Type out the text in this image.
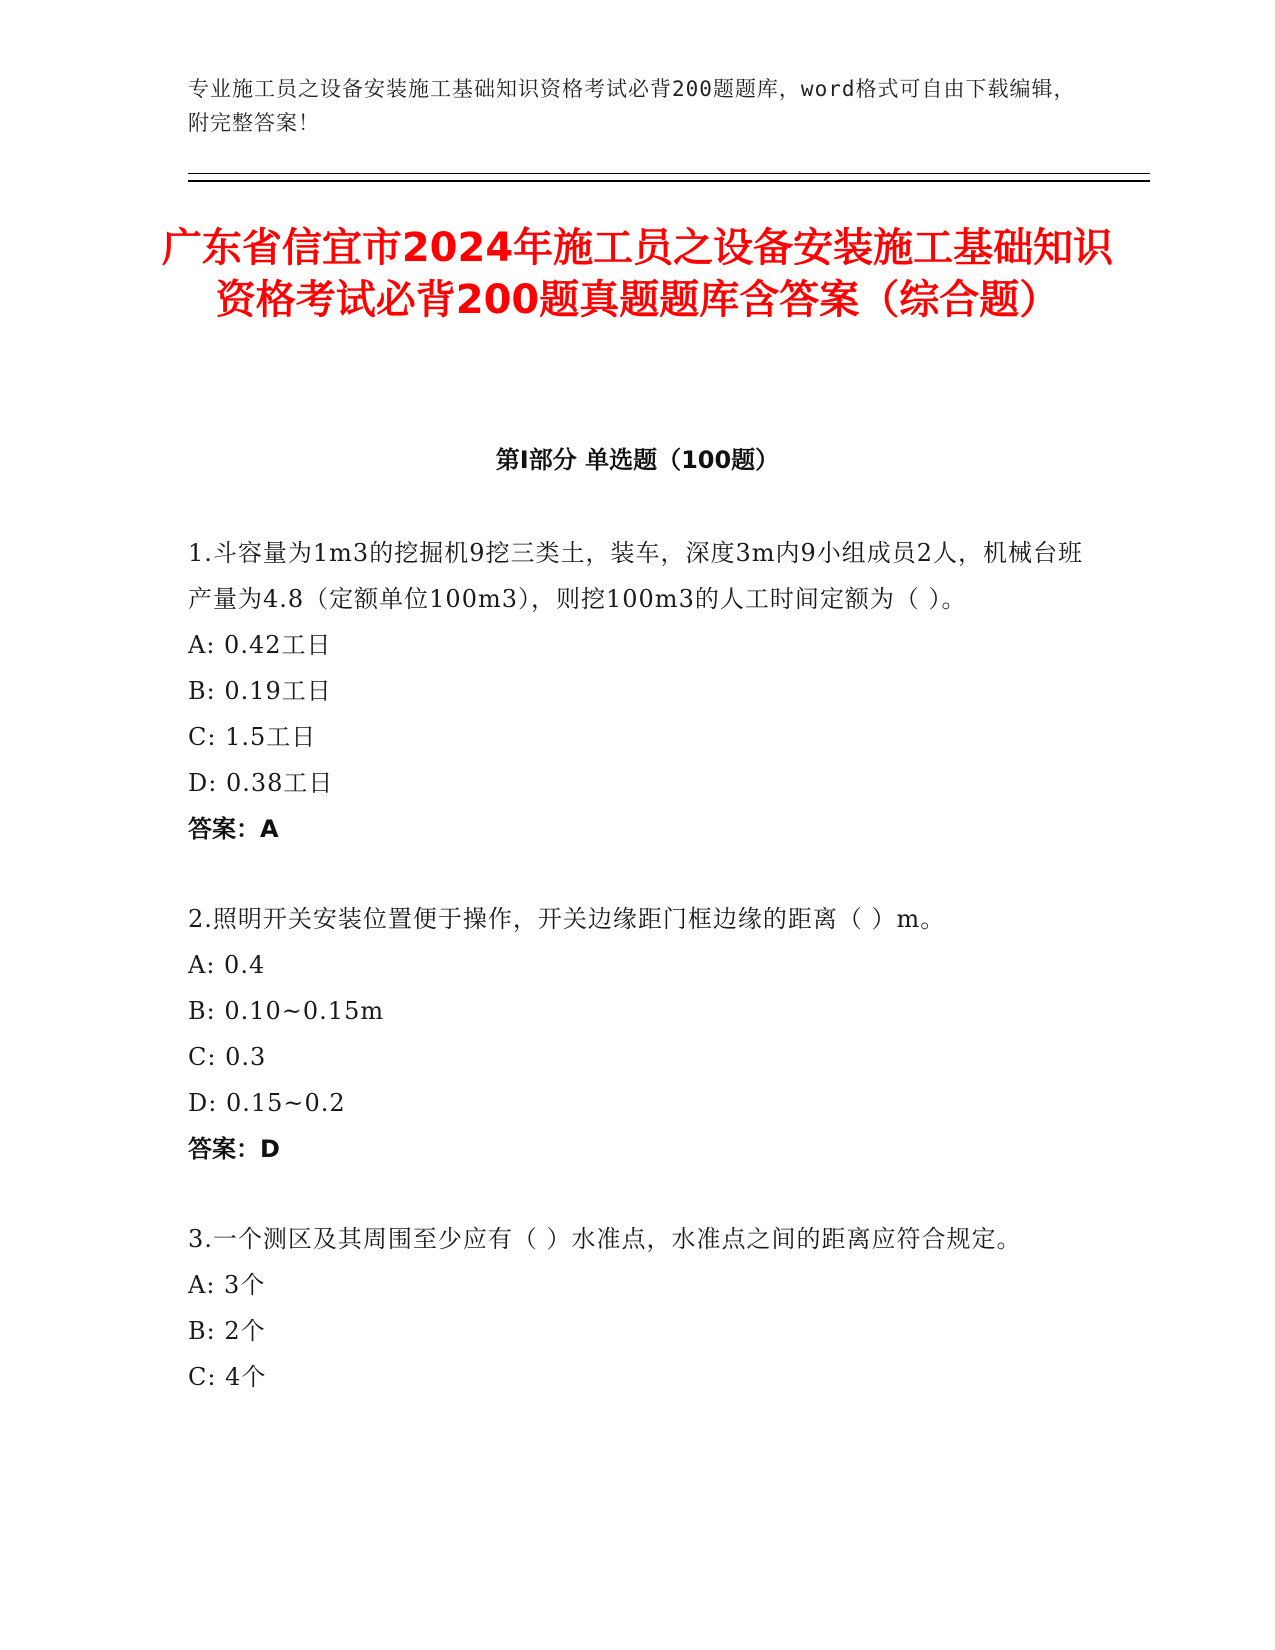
专业施工员之设备安装施工基础知识资格考试必背200题题库，word格式可自由下载编辑，附完整答案！
广东省信宜市2024年施工员之设备安装施工基础知识资格考试必背200题真题题库含答案（综合题）
第I部分 单选题（100题）
1.斗容量为1m3的挖掘机9挖三类土，装车，深度3m内9小组成员2人，机械台班产量为4.8（定额单位100m3），则挖100m3的人工时间定额为（ ）。
A: 0.42工日
B: 0.19工日
C: 1.5工日
D: 0.38工日
答案：A
2.照明开关安装位置便于操作，开关边缘距门框边缘的距离（ ）m。
A: 0.4
B: 0.10~0.15m
C: 0.3
D: 0.15~0.2
答案：D
3.一个测区及其周围至少应有（ ）水准点，水准点之间的距离应符合规定。
A: 3个
B: 2个
C: 4个
